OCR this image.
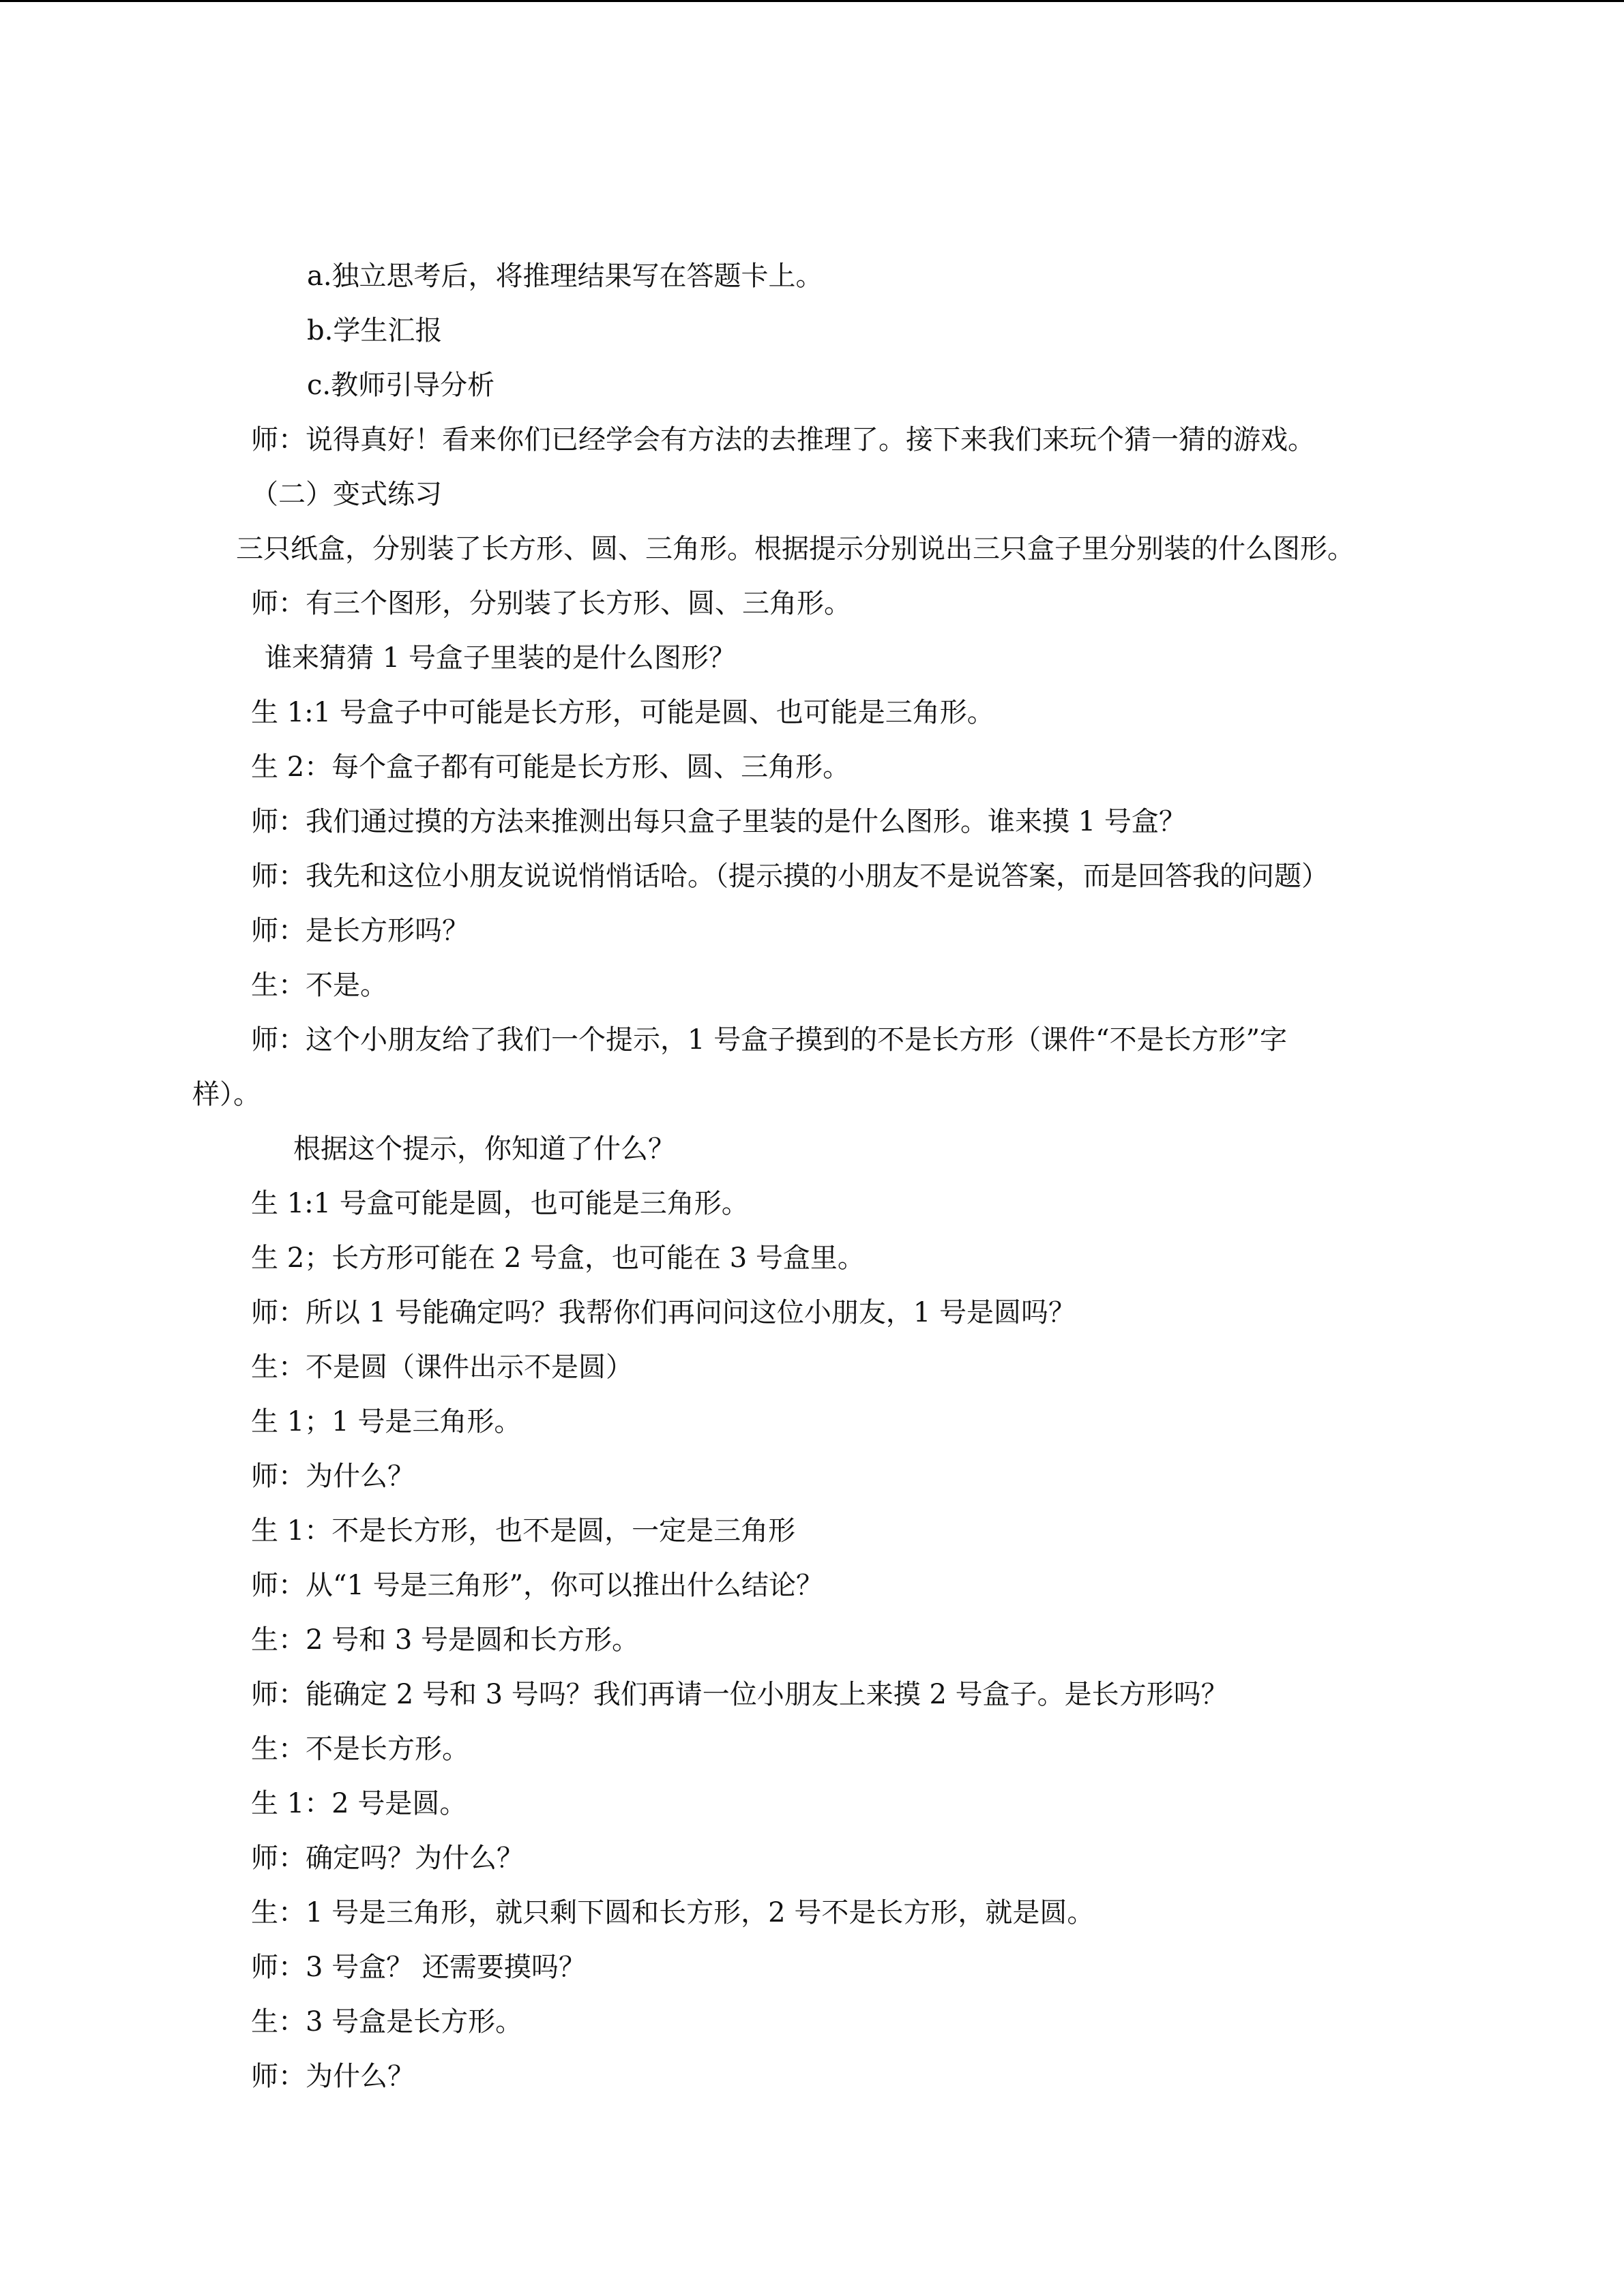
a.独立思考后，将推理结果写在答题卡上。
b.学生汇报
c.教师引导分析
师：说得真好！看来你们已经学会有方法的去推理了。接下来我们来玩个猜一猜的游戏。
（二）变式练习
三只纸盒，分别装了长方形、圆、三角形。根据提示分别说出三只盒子里分别装的什么图形。
师：有三个图形，分别装了长方形、圆、三角形。
谁来猜猜 1 号盒子里装的是什么图形？
生 1:1 号盒子中可能是长方形，可能是圆、也可能是三角形。
生 2：每个盒子都有可能是长方形、圆、三角形。
师：我们通过摸的方法来推测出每只盒子里装的是什么图形。谁来摸 1 号盒？
师：我先和这位小朋友说说悄悄话哈。（提示摸的小朋友不是说答案，而是回答我的问题）
师：是长方形吗？
生：不是。
师：这个小朋友给了我们一个提示，1 号盒子摸到的不是长方形（课件“不是长方形”字
样）。
根据这个提示，你知道了什么？
生 1:1 号盒可能是圆，也可能是三角形。
生 2；长方形可能在 2 号盒，也可能在 3 号盒里。
师：所以 1 号能确定吗？我帮你们再问问这位小朋友，1 号是圆吗？
生：不是圆（课件出示不是圆）
生 1；1 号是三角形。
师：为什么？
生 1：不是长方形，也不是圆，一定是三角形
师：从“1 号是三角形”，你可以推出什么结论？
生：2 号和 3 号是圆和长方形。
师：能确定 2 号和 3 号吗？我们再请一位小朋友上来摸 2 号盒子。是长方形吗？
生：不是长方形。
生 1：2 号是圆。
师：确定吗？为什么？
生：1 号是三角形，就只剩下圆和长方形，2 号不是长方形，就是圆。
师：3 号盒？ 还需要摸吗？
生：3 号盒是长方形。
师：为什么？
